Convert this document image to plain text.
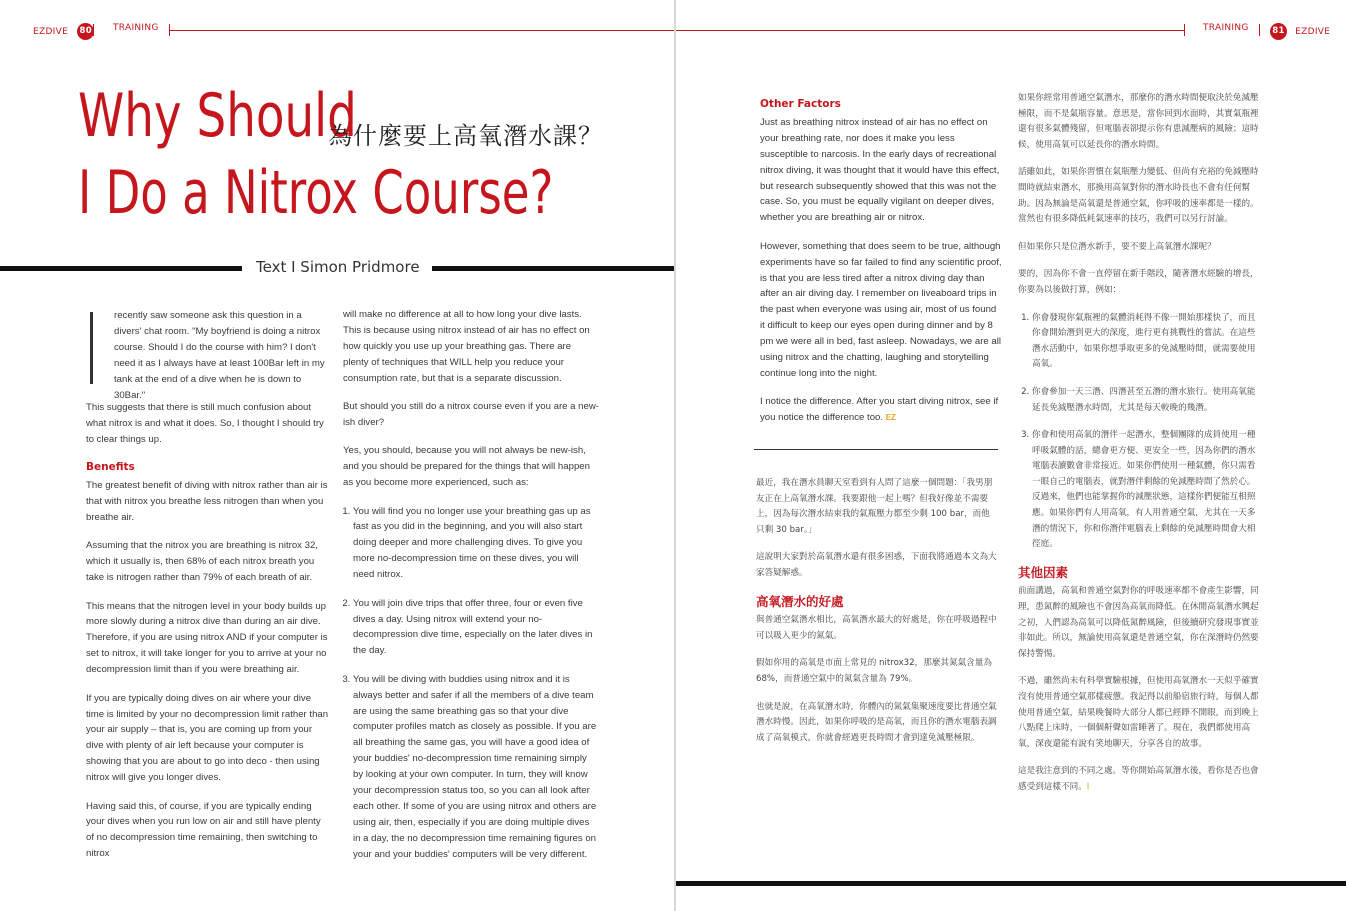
EZDIVE 80 TRAINING
Why Should
I Do a Nitrox Course?
為什麼要上高氧潛水課？
Text I Simon Pridmore
recently saw someone ask this question in a divers' chat room. "My boyfriend is doing a nitrox course. Should I do the course with him? I don't need it as I always have at least 100Bar left in my tank at the end of a dive when he is down to 30Bar."

This suggests that there is still much confusion about what nitrox is and what it does. So, I thought I should try to clear things up.

Benefits

The greatest benefit of diving with nitrox rather than air is that with nitrox you breathe less nitrogen than when you breathe air.

Assuming that the nitrox you are breathing is nitrox 32, which it usually is, then 68% of each nitrox breath you take is nitrogen rather than 79% of each breath of air.

This means that the nitrogen level in your body builds up more slowly during a nitrox dive than during an air dive. Therefore, if you are using nitrox AND if your computer is set to nitrox, it will take longer for you to arrive at your no decompression limit than if you were breathing air.

If you are typically doing dives on air where your dive time is limited by your no decompression limit rather than your air supply – that is, you are coming up from your dive with plenty of air left because your computer is showing that you are about to go into deco - then using nitrox will give you longer dives.

Having said this, of course, if you are typically ending your dives when you run low on air and still have plenty of no decompression time remaining, then switching to nitrox

will make no difference at all to how long your dive lasts. This is because using nitrox instead of air has no effect on how quickly you use up your breathing gas. There are plenty of techniques that WILL help you reduce your consumption rate, but that is a separate discussion.

But should you still do a nitrox course even if you are a new-ish diver?

Yes, you should, because you will not always be new-ish, and you should be prepared for the things that will happen as you become more experienced, such as:

1. You will find you no longer use your breathing gas up as fast as you did in the beginning, and you will also start doing deeper and more challenging dives. To give you more no-decompression time on these dives, you will need nitrox.
2. You will join dive trips that offer three, four or even five dives a day. Using nitrox will extend your no-decompression dive time, especially on the later dives in the day.
3. You will be diving with buddies using nitrox and it is always better and safer if all the members of a dive team are using the same breathing gas so that your dive computer profiles match as closely as possible. If you are all breathing the same gas, you will have a good idea of your buddies' no-decompression time remaining simply by looking at your own computer. In turn, they will know your decompression status too, so you can all look after each other. If some of you are using nitrox and others are using air, then, especially if you are doing multiple dives in a day, the no decompression time remaining figures on your and your buddies' computers will be very different.
TRAINING	81 EZDIVE
Other Factors

Just as breathing nitrox instead of air has no effect on your breathing rate, nor does it make you less susceptible to narcosis. In the early days of recreational nitrox diving, it was thought that it would have this effect, but research subsequently showed that this was not the case. So, you must be equally vigilant on deeper dives, whether you are breathing air or nitrox.

However, something that does seem to be true, although experiments have so far failed to find any scientific proof, is that you are less tired after a nitrox diving day than after an air diving day. I remember on liveaboard trips in the past when everyone was using air, most of us found it difficult to keep our eyes open during dinner and by 8 pm we were all in bed, fast asleep. Nowadays, we are all using nitrox and the chatting, laughing and storytelling continue long into the night.

I notice the difference. After you start diving nitrox, see if you notice the difference too. EZ

最近，我在潛水員聊天室看到有人問了這麼一個問題：「我男朋友正在上高氧潛水課。我要跟他一起上嗎？但我好像並不需要上，因為每次潛水結束我的氣瓶壓力都至少剩 100 bar，而他只剩 30 bar。」

這說明大家對於高氧潛水還有很多困惑，下面我將通過本文為大家答疑解惑。

高氧潛水的好處

與普通空氣潛水相比，高氧潛水最大的好處是，你在呼吸過程中可以吸入更少的氮氣。

假如你用的高氧是市面上常見的 nitrox32，那麼其氮氣含量為 68%，而普通空氣中的氮氣含量為 79%。

也就是說，在高氧潛水時，你體內的氮氣集聚速度要比普通空氣潛水時慢。因此，如果你呼吸的是高氧，而且你的潛水電腦表調成了高氧模式，你就會經過更長時間才會到達免減壓極限。

如果你經常用普通空氣潛水，那麼你的潛水時間便取決於免減壓極限，而不是氣瓶容量。意思是，當你回到水面時，其實氣瓶裡還有很多氣體殘留，但電腦表卻提示你有患減壓病的風險；這時候，使用高氧可以延長你的潛水時間。

話雖如此，如果你習慣在氣瓶壓力變低、但尚有充裕的免減壓時間時就結束潛水，那換用高氧對你的潛水時長也不會有任何幫助。因為無論是高氧還是普通空氣，你呼吸的速率都是一樣的。當然也有很多降低耗氣速率的技巧，我們可以另行討論。

但如果你只是位潛水新手，要不要上高氧潛水課呢？

要的，因為你不會一直停留在新手階段，隨著潛水經驗的增長，你要為以後做打算，例如：

1. 你會發現你氣瓶裡的氣體消耗得不像一開始那樣快了，而且你會開始潛到更大的深度，進行更有挑戰性的嘗試。在這些潛水活動中，如果你想爭取更多的免減壓時間，就需要使用高氧。
2. 你會參加一天三潛、四潛甚至五潛的潛水旅行。使用高氧能延長免減壓潛水時間，尤其是每天較晚的幾潛。
3. 你會和使用高氧的潛伴一起潛水，整個團隊的成員使用一種呼吸氣體的話，總會更方便、更安全一些，因為你們的潛水電腦表讀數會非常接近。如果你們使用一種氣體，你只需看一眼自己的電腦表，就對潛伴剩餘的免減壓時間了然於心。反過來，他們也能掌握你的減壓狀態，這樣你們便能互相照應。如果你們有人用高氧，有人用普通空氣，尤其在一天多潛的情況下，你和你潛伴電腦表上剩餘的免減壓時間會大相徑庭。
其他因素

前面講過，高氧和普通空氣對你的呼吸速率都不會產生影響，同理，患氮醉的風險也不會因為高氧而降低。在休閒高氧潛水興起之初，人們認為高氧可以降低氮醉風險，但後續研究發現事實並非如此。所以，無論使用高氧還是普通空氣，你在深潛時仍然要保持警惕。

不過，雖然尚未有科學實驗根據，但使用高氧潛水一天似乎確實沒有使用普通空氣那樣疲憊。我記得以前船宿旅行時，每個人都使用普通空氣，結果晚餐時大部分人都已經睜不開眼，而到晚上八點爬上床時，一個個鼾聲如雷睡著了。現在，我們都使用高氧，深夜還能有說有笑地聊天，分享各自的故事。

這是我注意到的不同之處。等你開始高氧潛水後，看你是否也會感受到這樣不同。I
